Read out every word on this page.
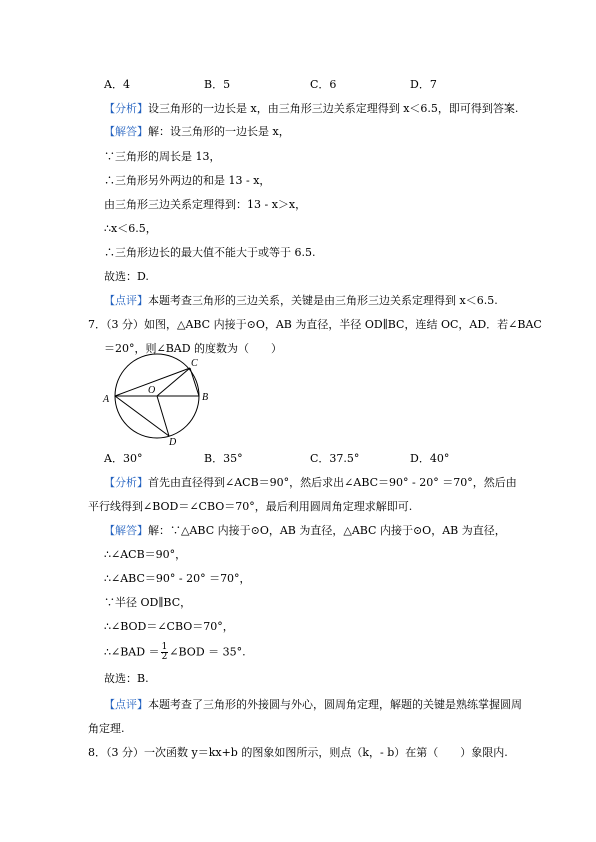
A．4	B．5	C．6	D．7
【分析】设三角形的一边长是 x，由三角形三边关系定理得到 x＜6.5，即可得到答案.
【解答】解：设三角形的一边长是 x，
∵三角形的周长是 13，
∴三角形另外两边的和是 13 - x，
由三角形三边关系定理得到：13 - x＞x，
∴x＜6.5，
∴三角形边长的最大值不能大于或等于 6.5.
故选：D.
【点评】本题考查三角形的三边关系，关键是由三角形三边关系定理得到 x＜6.5.
7．（3 分）如图，△ABC 内接于⊙O，AB 为直径，半径 OD∥BC，连结 OC，AD．若∠BAC
＝20°，则∠BAD 的度数为（　　）
A	B
C
O
D
A．30°	B．35°	C．37.5°	D．40°
【分析】首先由直径得到∠ACB＝90°，然后求出∠ABC＝90° - 20° ＝70°，然后由
平行线得到∠BOD＝∠CBO＝70°，最后利用圆周角定理求解即可.
【解答】解：∵△ABC 内接于⊙O，AB 为直径，△ABC 内接于⊙O，AB 为直径，
∴∠ACB＝90°，
∴∠ABC＝90° - 20° ＝70°，
∵半径 OD∥BC，
∴∠BOD＝∠CBO＝70°，
∴∠BAD ＝ $\frac{1}{2}$ ∠BOD ＝ 35°.
故选：B.
【点评】本题考查了三角形的外接圆与外心，圆周角定理，解题的关键是熟练掌握圆周
角定理.
8．（3 分）一次函数 y＝kx+b 的图象如图所示，则点（k，- b）在第（　　）象限内.
